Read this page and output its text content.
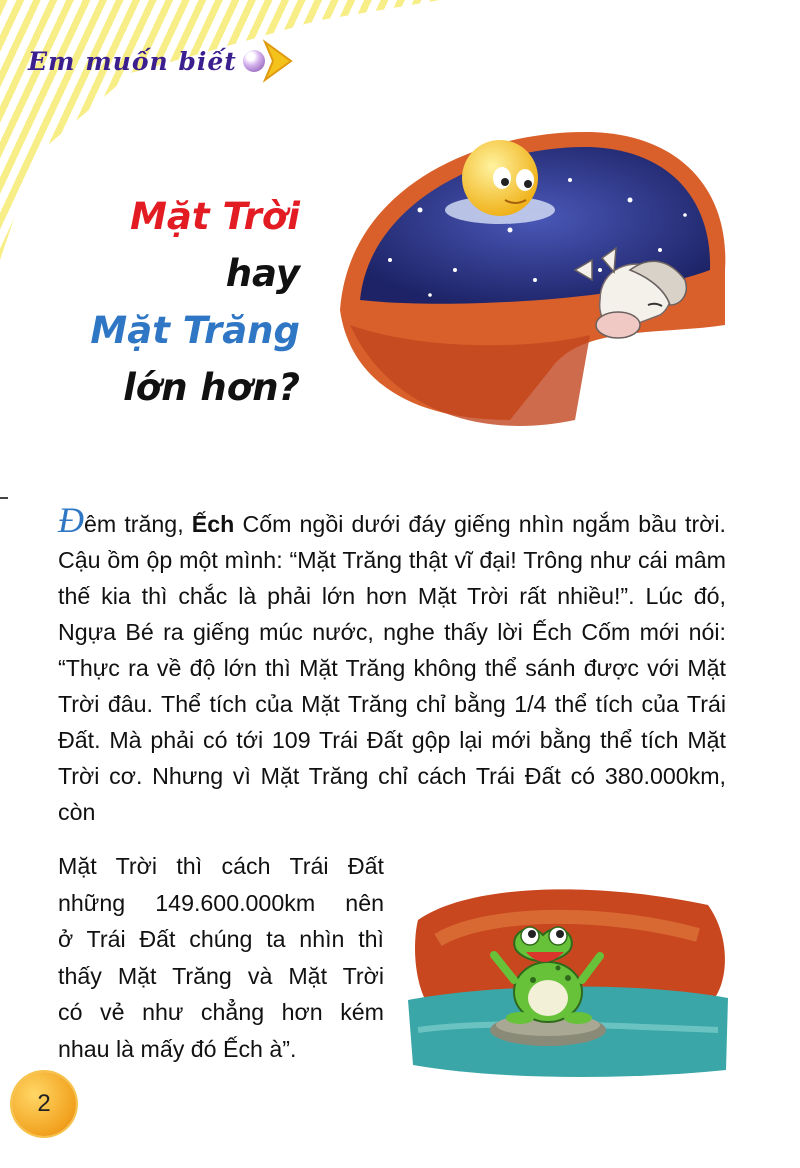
Em muốn biết
Mặt Trời
hay
Mặt Trăng
lớn hơn?

Đêm trăng, Ếch Cốm ngồi dưới đáy giếng nhìn ngắm bầu trời. Cậu ồm ộp một mình: “Mặt Trăng thật vĩ đại! Trông như cái mâm thế kia thì chắc là phải lớn hơn Mặt Trời rất nhiều!”. Lúc đó, Ngựa Bé ra giếng múc nước, nghe thấy lời Ếch Cốm mới nói: “Thực ra về độ lớn thì Mặt Trăng không thể sánh được với Mặt Trời đâu. Thể tích của Mặt Trăng chỉ bằng 1/4 thể tích của Trái Đất. Mà phải có tới 109 Trái Đất gộp lại mới bằng thể tích Mặt Trời cơ. Nhưng vì Mặt Trăng chỉ cách Trái Đất có 380.000km, còn

Mặt Trời thì cách Trái Đất
những 149.600.000km nên
ở Trái Đất chúng ta nhìn thì
thấy Mặt Trăng và Mặt Trời
có vẻ như chẳng hơn kém
nhau là mấy đó Ếch à”.
2
